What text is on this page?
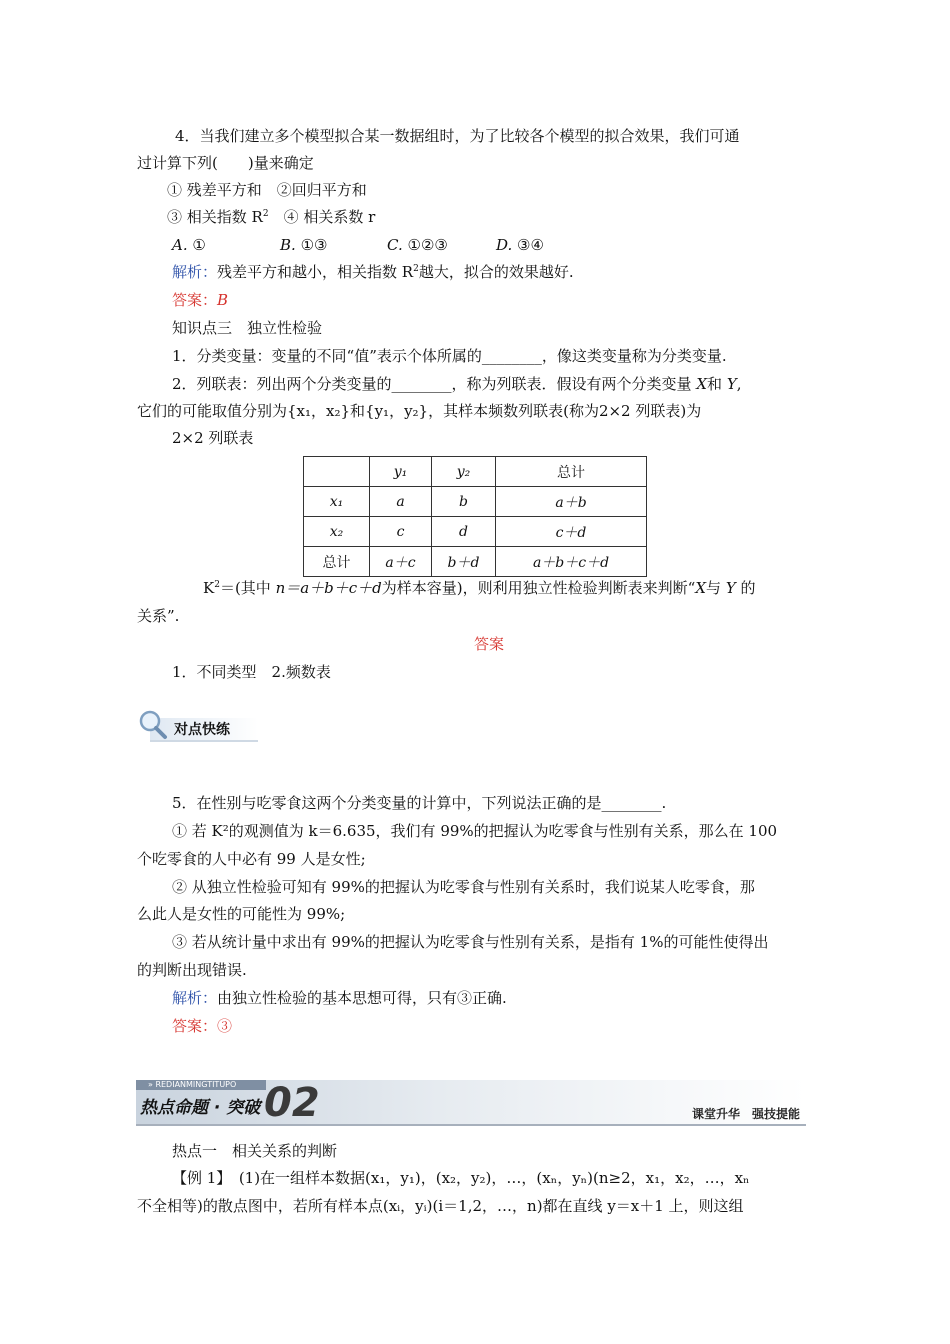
4．当我们建立多个模型拟合某一数据组时，为了比较各个模型的拟合效果，我们可通
过计算下列(　　)量来确定
① 残差平方和　②回归平方和
③ 相关指数 $R^2$　④ 相关系数 r
A. ①	B. ①③	C. ①②③	D. ③④
解析：残差平方和越小，相关指数 $R^2$越大，拟合的效果越好.
答案：B
知识点三　独立性检验
1．分类变量：变量的不同“值”表示个体所属的________，像这类变量称为分类变量.
2．列联表：列出两个分类变量的________，称为列联表．假设有两个分类变量 X和 Y,
它们的可能取值分别为{x₁，x₂}和{y₁，y₂}，其样本频数列联表(称为2×2 列联表)为
2×2 列联表
	y₁	y₂	总计
x₁	a	b	a＋b
x₂	c	d	c＋d
总计	a＋c	b＋d	a＋b＋c＋d
$K^2=$(其中 n＝a＋b＋c＋d为样本容量)，则利用独立性检验判断表来判断“X与 Y 的
关系”.
答案
1．不同类型　2.频数表
对点快练
5．在性别与吃零食这两个分类变量的计算中，下列说法正确的是________.
① 若 K²的观测值为 k＝6.635，我们有 99%的把握认为吃零食与性别有关系，那么在 100
个吃零食的人中必有 99 人是女性;
② 从独立性检验可知有 99%的把握认为吃零食与性别有关系时，我们说某人吃零食，那
么此人是女性的可能性为 99%;
③ 若从统计量中求出有 99%的把握认为吃零食与性别有关系，是指有 1%的可能性使得出
的判断出现错误.
解析：由独立性检验的基本思想可得，只有③正确.
答案：③
» REDIANMINGTITUPO
热点命题 · 突破 02	课堂升华　强技提能
热点一　相关关系的判断
【例 1】　(1)在一组样本数据(x₁，y₁)，(x₂，y₂)，…，(xₙ，yₙ)(n≥2，x₁，x₂，…，xₙ
不全相等)的散点图中，若所有样本点(xᵢ，yᵢ)(i＝1,2，…，n)都在直线 y＝x＋1 上，则这组
